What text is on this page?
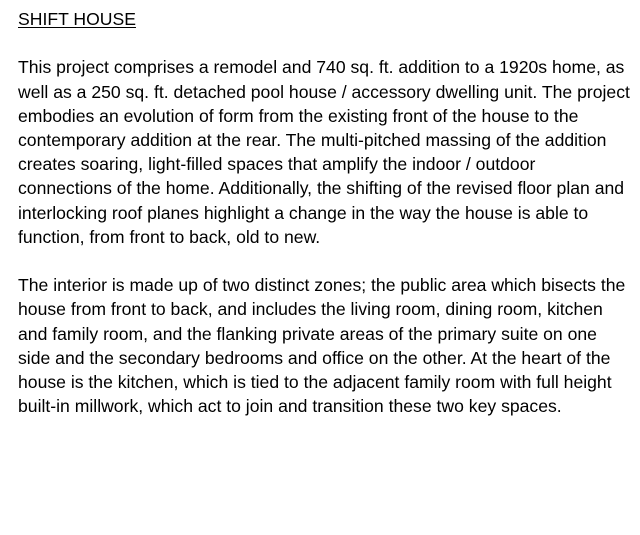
SHIFT HOUSE

This project comprises a remodel and 740 sq. ft. addition to a 1920s home, as well as a 250 sq. ft. detached pool house / accessory dwelling unit. The project embodies an evolution of form from the existing front of the house to the contemporary addition at the rear. The multi-pitched massing of the addition creates soaring, light-filled spaces that amplify the indoor / outdoor connections of the home. Additionally, the shifting of the revised floor plan and interlocking roof planes highlight a change in the way the house is able to function, from front to back, old to new.

The interior is made up of two distinct zones; the public area which bisects the house from front to back, and includes the living room, dining room, kitchen and family room, and the flanking private areas of the primary suite on one side and the secondary bedrooms and office on the other. At the heart of the house is the kitchen, which is tied to the adjacent family room with full height built-in millwork, which act to join and transition these two key spaces.
